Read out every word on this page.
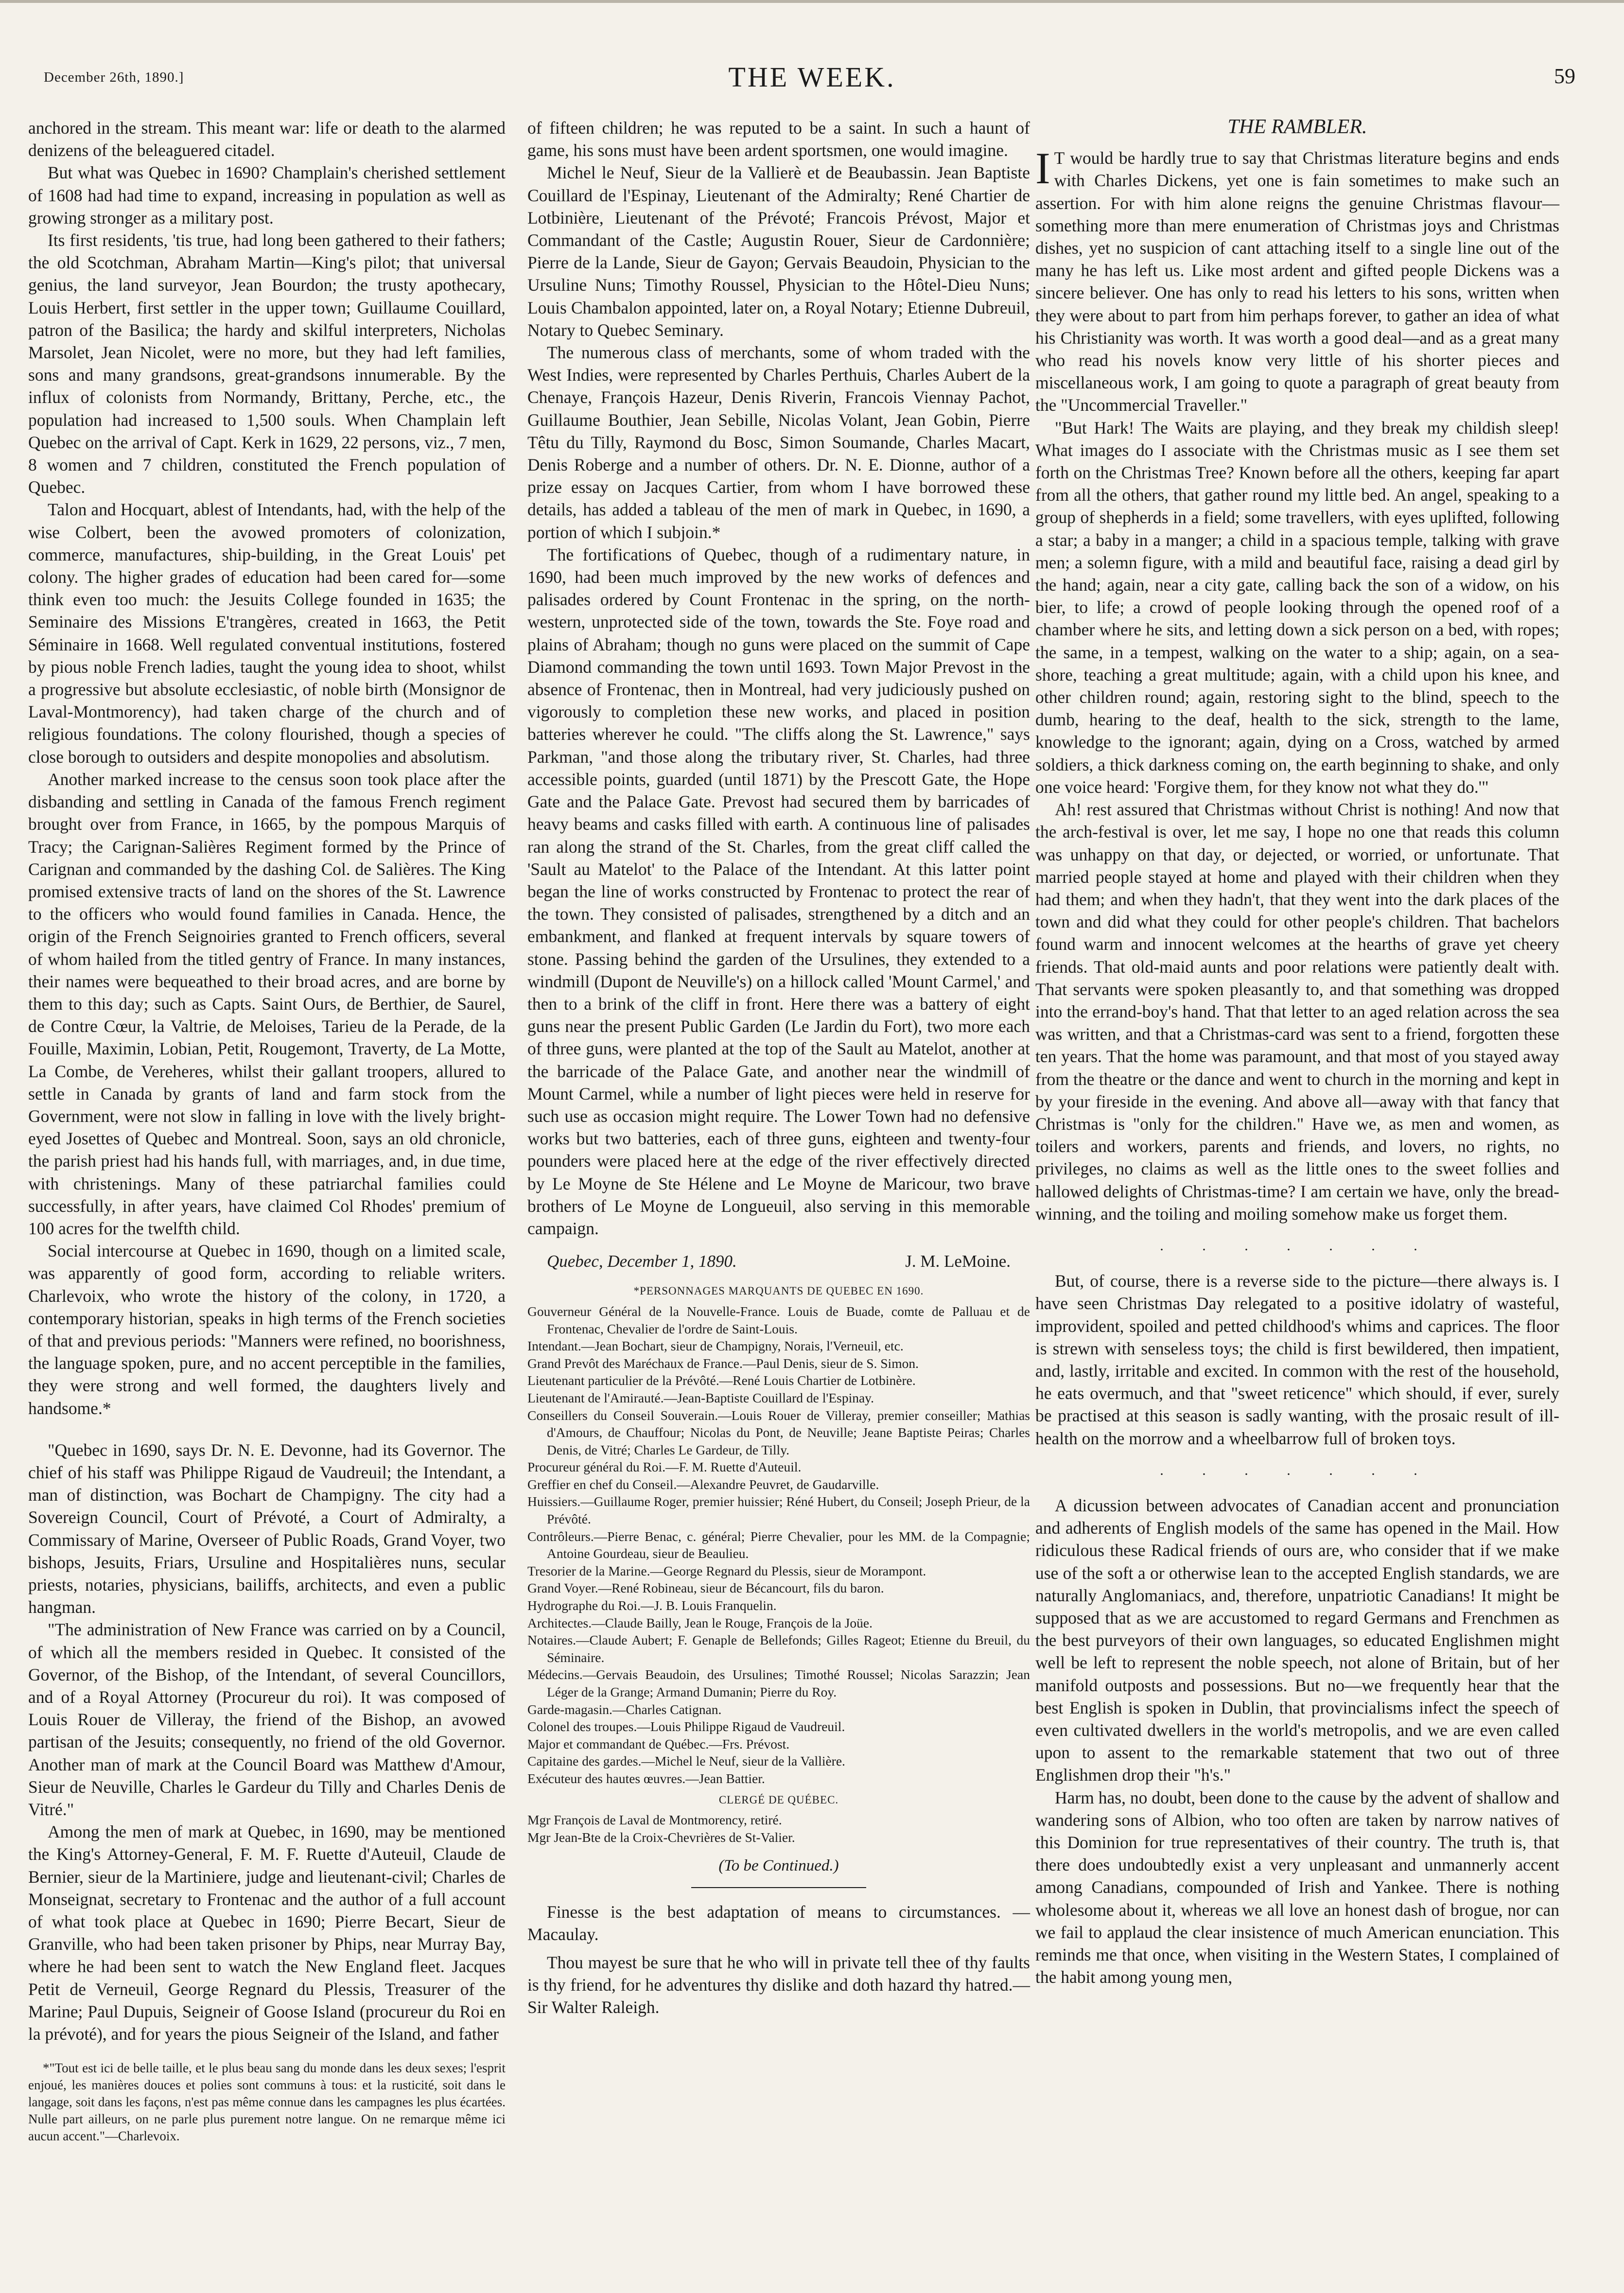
December 26th, 1890.]	THE WEEK.	59

anchored in the stream. This meant war: life or death to the alarmed denizens of the beleaguered citadel.

But what was Quebec in 1690? Champlain's cherished settlement of 1608 had had time to expand, increasing in population as well as growing stronger as a military post.

Its first residents, 'tis true, had long been gathered to their fathers; the old Scotchman, Abraham Martin—King's pilot; that universal genius, the land surveyor, Jean Bourdon; the trusty apothecary, Louis Herbert, first settler in the upper town; Guillaume Couillard, patron of the Basilica; the hardy and skilful interpreters, Nicholas Marsolet, Jean Nicolet, were no more, but they had left families, sons and many grandsons, great-grandsons innumerable. By the influx of colonists from Normandy, Brittany, Perche, etc., the population had increased to 1,500 souls. When Champlain left Quebec on the arrival of Capt. Kerk in 1629, 22 persons, viz., 7 men, 8 women and 7 children, constituted the French population of Quebec.

Talon and Hocquart, ablest of Intendants, had, with the help of the wise Colbert, been the avowed promoters of colonization, commerce, manufactures, ship-building, in the Great Louis' pet colony. The higher grades of education had been cared for—some think even too much: the Jesuits College founded in 1635; the Seminaire des Missions E'trangères, created in 1663, the Petit Séminaire in 1668. Well regulated conventual institutions, fostered by pious noble French ladies, taught the young idea to shoot, whilst a progressive but absolute ecclesiastic, of noble birth (Monsignor de Laval-Montmorency), had taken charge of the church and of religious foundations. The colony flourished, though a species of close borough to outsiders and despite monopolies and absolutism.

Another marked increase to the census soon took place after the disbanding and settling in Canada of the famous French regiment brought over from France, in 1665, by the pompous Marquis of Tracy; the Carignan-Salières Regiment formed by the Prince of Carignan and commanded by the dashing Col. de Salières. The King promised extensive tracts of land on the shores of the St. Lawrence to the officers who would found families in Canada. Hence, the origin of the French Seignoiries granted to French officers, several of whom hailed from the titled gentry of France. In many instances, their names were bequeathed to their broad acres, and are borne by them to this day; such as Capts. Saint Ours, de Berthier, de Saurel, de Contre Cœur, la Valtrie, de Meloises, Tarieu de la Perade, de la Fouille, Maximin, Lobian, Petit, Rougemont, Traverty, de La Motte, La Combe, de Vereheres, whilst their gallant troopers, allured to settle in Canada by grants of land and farm stock from the Government, were not slow in falling in love with the lively bright-eyed Josettes of Quebec and Montreal. Soon, says an old chronicle, the parish priest had his hands full, with marriages, and, in due time, with christenings. Many of these patriarchal families could successfully, in after years, have claimed Col Rhodes' premium of 100 acres for the twelfth child.

Social intercourse at Quebec in 1690, though on a limited scale, was apparently of good form, according to reliable writers. Charlevoix, who wrote the history of the colony, in 1720, a contemporary historian, speaks in high terms of the French societies of that and previous periods: "Manners were refined, no boorishness, the language spoken, pure, and no accent perceptible in the families, they were strong and well formed, the daughters lively and handsome.*

"Quebec in 1690, says Dr. N. E. Devonne, had its Governor. The chief of his staff was Philippe Rigaud de Vaudreuil; the Intendant, a man of distinction, was Bochart de Champigny. The city had a Sovereign Council, Court of Prévoté, a Court of Admiralty, a Commissary of Marine, Overseer of Public Roads, Grand Voyer, two bishops, Jesuits, Friars, Ursuline and Hospitalières nuns, secular priests, notaries, physicians, bailiffs, architects, and even a public hangman.

"The administration of New France was carried on by a Council, of which all the members resided in Quebec. It consisted of the Governor, of the Bishop, of the Intendant, of several Councillors, and of a Royal Attorney (Procureur du roi). It was composed of Louis Rouer de Villeray, the friend of the Bishop, an avowed partisan of the Jesuits; consequently, no friend of the old Governor. Another man of mark at the Council Board was Matthew d'Amour, Sieur de Neuville, Charles le Gardeur du Tilly and Charles Denis de Vitré."

Among the men of mark at Quebec, in 1690, may be mentioned the King's Attorney-General, F. M. F. Ruette d'Auteuil, Claude de Bernier, sieur de la Martiniere, judge and lieutenant-civil; Charles de Monseignat, secretary to Frontenac and the author of a full account of what took place at Quebec in 1690; Pierre Becart, Sieur de Granville, who had been taken prisoner by Phips, near Murray Bay, where he had been sent to watch the New England fleet. Jacques Petit de Verneuil, George Regnard du Plessis, Treasurer of the Marine; Paul Dupuis, Seigneir of Goose Island (procureur du Roi en la prévoté), and for years the pious Seigneir of the Island, and father

*"Tout est ici de belle taille, et le plus beau sang du monde dans les deux sexes; l'esprit enjoué, les manières douces et polies sont communs à tous: et la rusticité, soit dans le langage, soit dans les façons, n'est pas même connue dans les campagnes les plus écartées. Nulle part ailleurs, on ne parle plus purement notre langue. On ne remarque même ici aucun accent."—Charlevoix.

of fifteen children; he was reputed to be a saint. In such a haunt of game, his sons must have been ardent sportsmen, one would imagine.

Michel le Neuf, Sieur de la Vallierè et de Beaubassin. Jean Baptiste Couillard de l'Espinay, Lieutenant of the Admiralty; René Chartier de Lotbinière, Lieutenant of the Prévoté; Francois Prévost, Major et Commandant of the Castle; Augustin Rouer, Sieur de Cardonnière; Pierre de la Lande, Sieur de Gayon; Gervais Beaudoin, Physician to the Ursuline Nuns; Timothy Roussel, Physician to the Hôtel-Dieu Nuns; Louis Chambalon appointed, later on, a Royal Notary; Etienne Dubreuil, Notary to Quebec Seminary.

The numerous class of merchants, some of whom traded with the West Indies, were represented by Charles Perthuis, Charles Aubert de la Chenaye, François Hazeur, Denis Riverin, Francois Viennay Pachot, Guillaume Bouthier, Jean Sebille, Nicolas Volant, Jean Gobin, Pierre Têtu du Tilly, Raymond du Bosc, Simon Soumande, Charles Macart, Denis Roberge and a number of others. Dr. N. E. Dionne, author of a prize essay on Jacques Cartier, from whom I have borrowed these details, has added a tableau of the men of mark in Quebec, in 1690, a portion of which I subjoin.*

The fortifications of Quebec, though of a rudimentary nature, in 1690, had been much improved by the new works of defences and palisades ordered by Count Frontenac in the spring, on the north-western, unprotected side of the town, towards the Ste. Foye road and plains of Abraham; though no guns were placed on the summit of Cape Diamond commanding the town until 1693. Town Major Prevost in the absence of Frontenac, then in Montreal, had very judiciously pushed on vigorously to completion these new works, and placed in position batteries wherever he could. "The cliffs along the St. Lawrence," says Parkman, "and those along the tributary river, St. Charles, had three accessible points, guarded (until 1871) by the Prescott Gate, the Hope Gate and the Palace Gate. Prevost had secured them by barricades of heavy beams and casks filled with earth. A continuous line of palisades ran along the strand of the St. Charles, from the great cliff called the 'Sault au Matelot' to the Palace of the Intendant. At this latter point began the line of works constructed by Frontenac to protect the rear of the town. They consisted of palisades, strengthened by a ditch and an embankment, and flanked at frequent intervals by square towers of stone. Passing behind the garden of the Ursulines, they extended to a windmill (Dupont de Neuville's) on a hillock called 'Mount Carmel,' and then to a brink of the cliff in front. Here there was a battery of eight guns near the present Public Garden (Le Jardin du Fort), two more each of three guns, were planted at the top of the Sault au Matelot, another at the barricade of the Palace Gate, and another near the windmill of Mount Carmel, while a number of light pieces were held in reserve for such use as occasion might require. The Lower Town had no defensive works but two batteries, each of three guns, eighteen and twenty-four pounders were placed here at the edge of the river effectively directed by Le Moyne de Ste Hélene and Le Moyne de Maricour, two brave brothers of Le Moyne de Longueuil, also serving in this memorable campaign.

Quebec, December 1, 1890.	J. M. LeMoine.

*PERSONNAGES MARQUANTS DE QUEBEC EN 1690.

Gouverneur Général de la Nouvelle-France. Louis de Buade, comte de Palluau et de Frontenac, Chevalier de l'ordre de Saint-Louis.

Intendant.—Jean Bochart, sieur de Champigny, Norais, l'Verneuil, etc.

Grand Prevôt des Maréchaux de France.—Paul Denis, sieur de S. Simon.

Lieutenant particulier de la Prévôté.—René Louis Chartier de Lotbinère.

Lieutenant de l'Amirauté.—Jean-Baptiste Couillard de l'Espinay.

Conseillers du Conseil Souverain.—Louis Rouer de Villeray, premier conseiller; Mathias d'Amours, de Chauffour; Nicolas du Pont, de Neuville; Jeane Baptiste Peiras; Charles Denis, de Vitré; Charles Le Gardeur, de Tilly.

Procureur général du Roi.—F. M. Ruette d'Auteuil.

Greffier en chef du Conseil.—Alexandre Peuvret, de Gaudarville.

Huissiers.—Guillaume Roger, premier huissier; Réné Hubert, du Conseil; Joseph Prieur, de la Prévôté.

Contrôleurs.—Pierre Benac, c. général; Pierre Chevalier, pour les MM. de la Compagnie; Antoine Gourdeau, sieur de Beaulieu.

Tresorier de la Marine.—George Regnard du Plessis, sieur de Morampont.

Grand Voyer.—René Robineau, sieur de Bécancourt, fils du baron.

Hydrographe du Roi.—J. B. Louis Franquelin.

Architectes.—Claude Bailly, Jean le Rouge, François de la Joüe.

Notaires.—Claude Aubert; F. Genaple de Bellefonds; Gilles Rageot; Etienne du Breuil, du Séminaire.

Médecins.—Gervais Beaudoin, des Ursulines; Timothé Roussel; Nicolas Sarazzin; Jean Léger de la Grange; Armand Dumanin; Pierre du Roy.

Garde-magasin.—Charles Catignan.

Colonel des troupes.—Louis Philippe Rigaud de Vaudreuil.

Major et commandant de Québec.—Frs. Prévost.

Capitaine des gardes.—Michel le Neuf, sieur de la Vallière.

Exécuteur des hautes œuvres.—Jean Battier.

CLERGÉ DE QUÉBEC.

Mgr François de Laval de Montmorency, retiré.

Mgr Jean-Bte de la Croix-Chevrières de St-Valier.

(To be Continued.)

Finesse is the best adaptation of means to circumstances. —Macaulay.

Thou mayest be sure that he who will in private tell thee of thy faults is thy friend, for he adventures thy dislike and doth hazard thy hatred.—Sir Walter Raleigh.

THE RAMBLER.

I T would be hardly true to say that Christmas literature begins and ends with Charles Dickens, yet one is fain sometimes to make such an assertion. For with him alone reigns the genuine Christmas flavour—something more than mere enumeration of Christmas joys and Christmas dishes, yet no suspicion of cant attaching itself to a single line out of the many he has left us. Like most ardent and gifted people Dickens was a sincere believer. One has only to read his letters to his sons, written when they were about to part from him perhaps forever, to gather an idea of what his Christianity was worth. It was worth a good deal—and as a great many who read his novels know very little of his shorter pieces and miscellaneous work, I am going to quote a paragraph of great beauty from the "Uncommercial Traveller."

"But Hark! The Waits are playing, and they break my childish sleep! What images do I associate with the Christmas music as I see them set forth on the Christmas Tree? Known before all the others, keeping far apart from all the others, that gather round my little bed. An angel, speaking to a group of shepherds in a field; some travellers, with eyes uplifted, following a star; a baby in a manger; a child in a spacious temple, talking with grave men; a solemn figure, with a mild and beautiful face, raising a dead girl by the hand; again, near a city gate, calling back the son of a widow, on his bier, to life; a crowd of people looking through the opened roof of a chamber where he sits, and letting down a sick person on a bed, with ropes; the same, in a tempest, walking on the water to a ship; again, on a sea-shore, teaching a great multitude; again, with a child upon his knee, and other children round; again, restoring sight to the blind, speech to the dumb, hearing to the deaf, health to the sick, strength to the lame, knowledge to the ignorant; again, dying on a Cross, watched by armed soldiers, a thick darkness coming on, the earth beginning to shake, and only one voice heard: 'Forgive them, for they know not what they do.'"

Ah! rest assured that Christmas without Christ is nothing! And now that the arch-festival is over, let me say, I hope no one that reads this column was unhappy on that day, or dejected, or worried, or unfortunate. That married people stayed at home and played with their children when they had them; and when they hadn't, that they went into the dark places of the town and did what they could for other people's children. That bachelors found warm and innocent welcomes at the hearths of grave yet cheery friends. That old-maid aunts and poor relations were patiently dealt with. That servants were spoken pleasantly to, and that something was dropped into the errand-boy's hand. That that letter to an aged relation across the sea was written, and that a Christmas-card was sent to a friend, forgotten these ten years. That the home was paramount, and that most of you stayed away from the theatre or the dance and went to church in the morning and kept in by your fireside in the evening. And above all—away with that fancy that Christmas is "only for the children." Have we, as men and women, as toilers and workers, parents and friends, and lovers, no rights, no privileges, no claims as well as the little ones to the sweet follies and hallowed delights of Christmas-time? I am certain we have, only the bread-winning, and the toiling and moiling somehow make us forget them.

. . . . . . .

But, of course, there is a reverse side to the picture—there always is. I have seen Christmas Day relegated to a positive idolatry of wasteful, improvident, spoiled and petted childhood's whims and caprices. The floor is strewn with senseless toys; the child is first bewildered, then impatient, and, lastly, irritable and excited. In common with the rest of the household, he eats overmuch, and that "sweet reticence" which should, if ever, surely be practised at this season is sadly wanting, with the prosaic result of ill-health on the morrow and a wheelbarrow full of broken toys.

. . . . . . .

A dicussion between advocates of Canadian accent and pronunciation and adherents of English models of the same has opened in the Mail. How ridiculous these Radical friends of ours are, who consider that if we make use of the soft a or otherwise lean to the accepted English standards, we are naturally Anglomaniacs, and, therefore, unpatriotic Canadians! It might be supposed that as we are accustomed to regard Germans and Frenchmen as the best purveyors of their own languages, so educated Englishmen might well be left to represent the noble speech, not alone of Britain, but of her manifold outposts and possessions. But no—we frequently hear that the best English is spoken in Dublin, that provincialisms infect the speech of even cultivated dwellers in the world's metropolis, and we are even called upon to assent to the remarkable statement that two out of three Englishmen drop their "h's."

Harm has, no doubt, been done to the cause by the advent of shallow and wandering sons of Albion, who too often are taken by narrow natives of this Dominion for true representatives of their country. The truth is, that there does undoubtedly exist a very unpleasant and unmannerly accent among Canadians, compounded of Irish and Yankee. There is nothing wholesome about it, whereas we all love an honest dash of brogue, nor can we fail to applaud the clear insistence of much American enunciation. This reminds me that once, when visiting in the Western States, I complained of the habit among young men,
